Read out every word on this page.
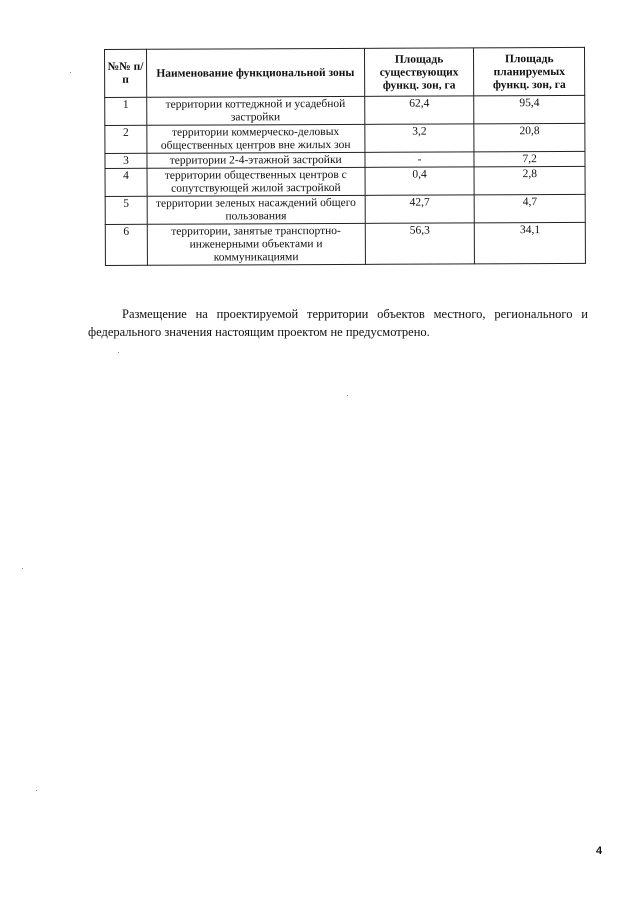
№№ п/п	Наименование функциональной зоны	Площадь существующих функц. зон, га	Площадь планируемых функц. зон, га
1	территории коттеджной и усадебной застройки	62,4	95,4
2	территории коммерческо-деловых общественных центров вне жилых зон	3,2	20,8
3	территории 2-4-этажной застройки	-	7,2
4	территории общественных центров с сопутствующей жилой застройкой	0,4	2,8
5	территории зеленых насаждений общего пользования	42,7	4,7
6	территории, занятые транспортно-инженерными объектами и коммуникациями	56,3	34,1

Размещение на проектируемой территории объектов местного, регионального и федерального значения настоящим проектом не предусмотрено.

4
